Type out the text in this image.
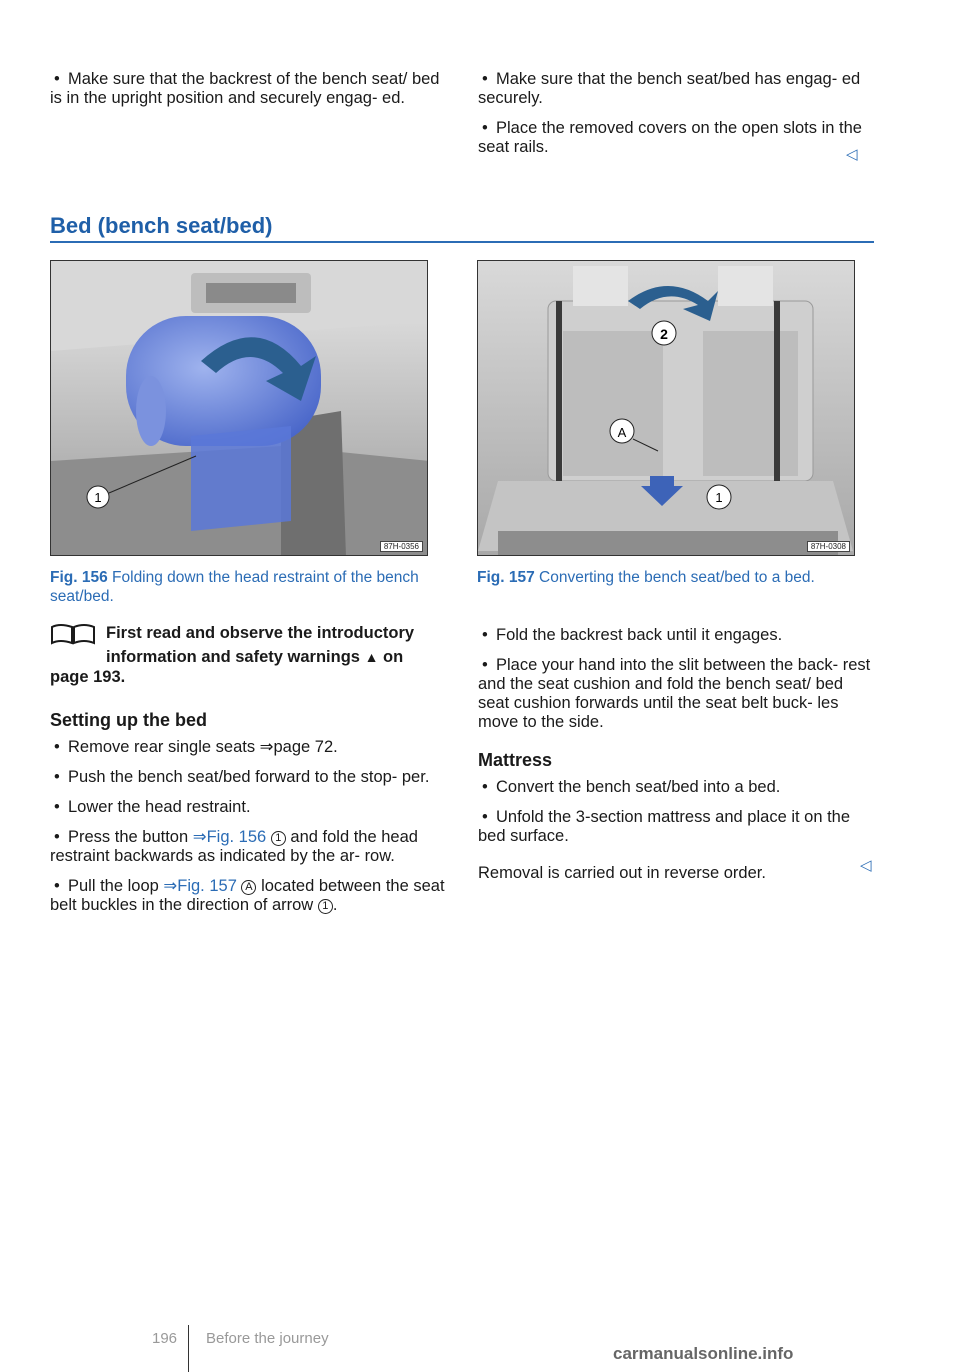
• Make sure that the backrest of the bench seat/ bed is in the upright position and securely engag- ed.
• Make sure that the bench seat/bed has engag- ed securely.
• Place the removed covers on the open slots in the seat rails.	◁
Bed (bench seat/bed)
1
87H-0356
Fig. 156 Folding down the head restraint of the bench seat/bed.
2
A
1
87H-0308
Fig. 157 Converting the bench seat/bed to a bed.
First read and observe the introductory
information and safety warnings ▲ on
page 193.
Setting up the bed
• Remove rear single seats ⇒page 72.
• Push the bench seat/bed forward to the stop- per.
• Lower the head restraint.
• Press the button ⇒Fig. 156 1 and fold the head restraint backwards as indicated by the ar- row.
• Pull the loop ⇒Fig. 157 A located between the seat belt buckles in the direction of arrow 1 .
• Fold the backrest back until it engages.
• Place your hand into the slit between the back- rest and the seat cushion and fold the bench seat/ bed seat cushion forwards until the seat belt buck- les move to the side.
Mattress
• Convert the bench seat/bed into a bed.
• Unfold the 3-section mattress and place it on the bed surface.

Removal is carried out in reverse order.	◁
196 Before the journey
carmanualsonline.info
